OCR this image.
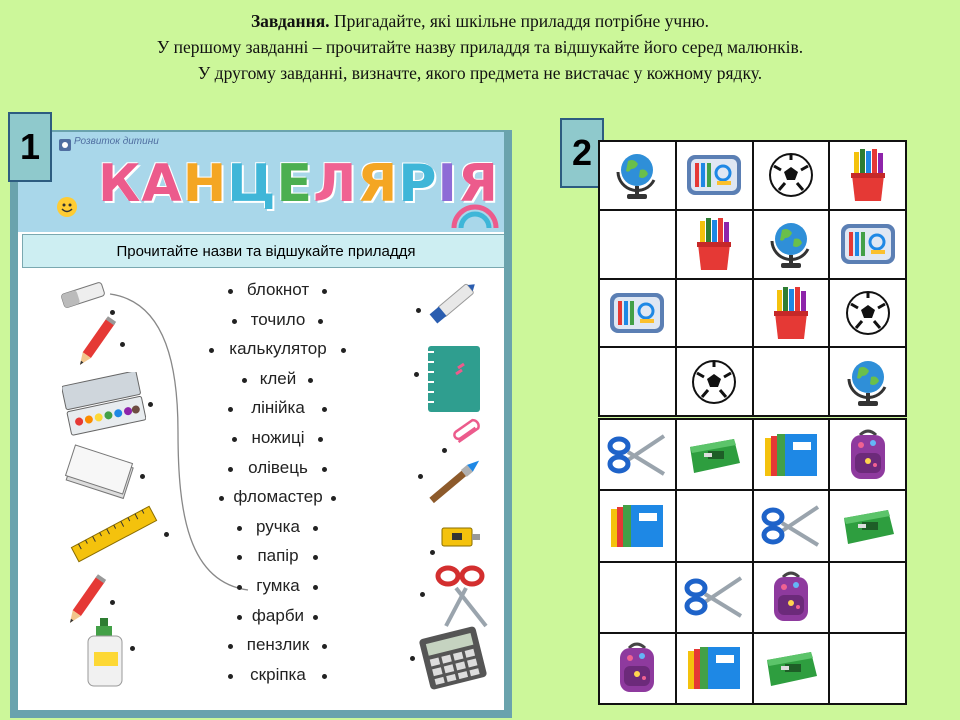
Завдання. Пригадайте, які шкільне приладдя потрібне учню.
У першому завданні – прочитайте назву приладдя та відшукайте його серед малюнків.
У другому завданні, визначте, якого предмета не вистачає у кожному рядку.
Розвиток дитини
КАНЦЕЛЯРІЯ
Прочитайте назви та відшукайте приладдя
блокнот
точило
калькулятор
клей
лінійка
ножиці
олівець
фломастер
ручка
папір
гумка
фарби
пензлик
скріпка
1	2
